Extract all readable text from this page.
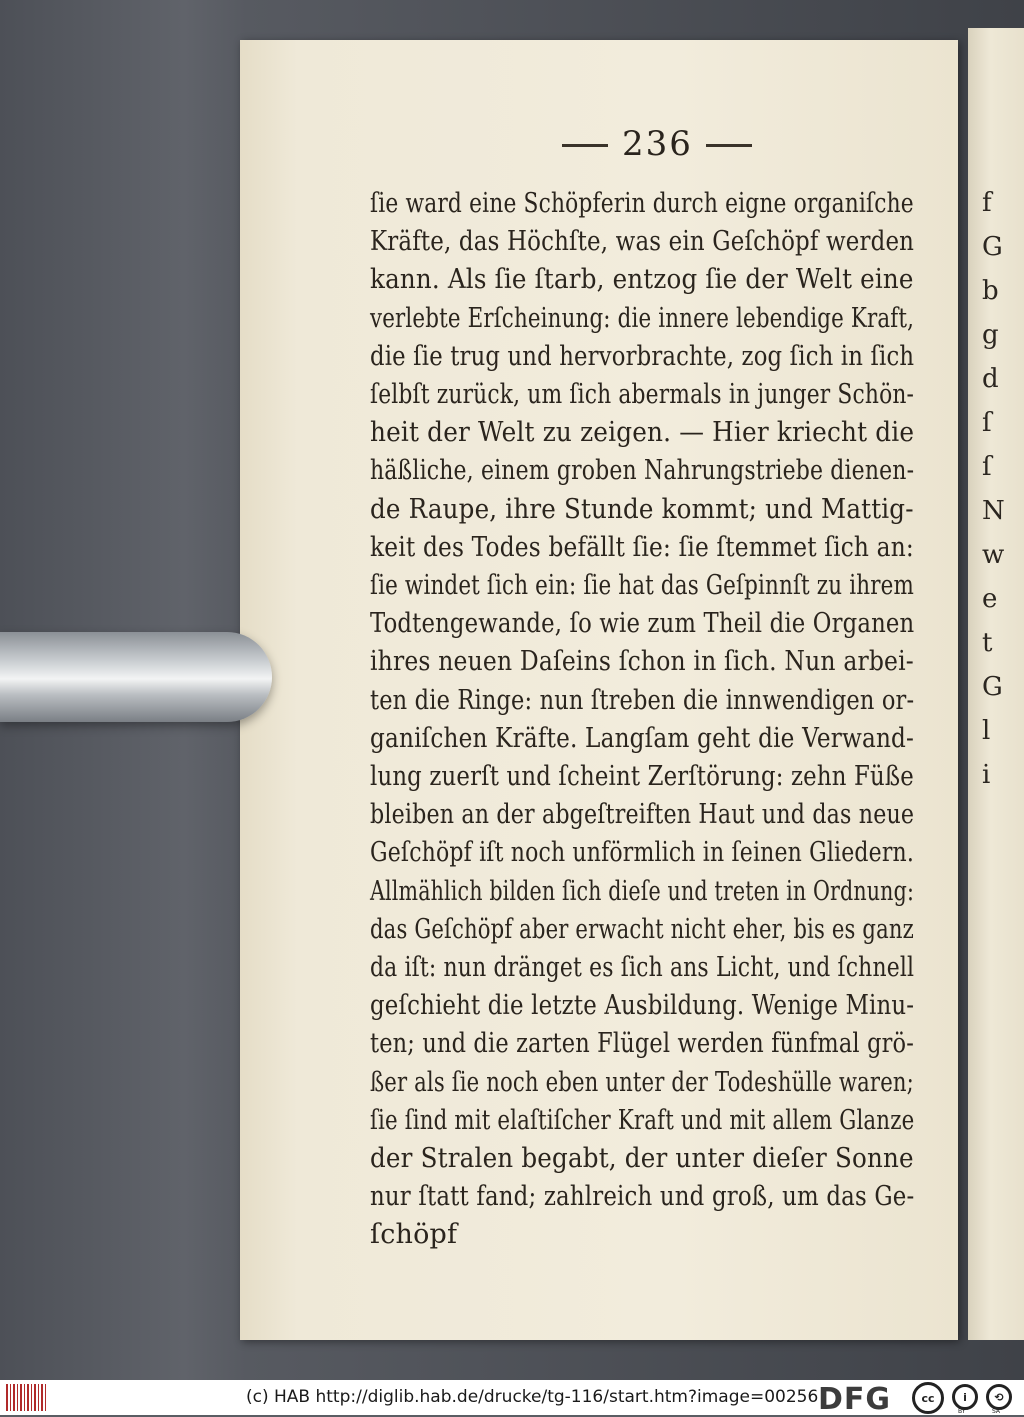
f
G
b
g
d
ſ
ſ
N
w
e
t
G
l
i
236
ſie ward eine Schöpferin durch eigne organiſche
Kräfte, das Höchſte, was ein Geſchöpf werden
kann. Als ſie ſtarb, entzog ſie der Welt eine
verlebte Erſcheinung: die innere lebendige Kraft,
die ſie trug und hervorbrachte, zog ſich in ſich
ſelbſt zurück, um ſich abermals in junger Schön-
heit der Welt zu zeigen. — Hier kriecht die
häßliche, einem groben Nahrungstriebe dienen-
de Raupe, ihre Stunde kommt; und Mattig-
keit des Todes befällt ſie: ſie ſtemmet ſich an:
ſie windet ſich ein: ſie hat das Geſpinnſt zu ihrem
Todtengewande, ſo wie zum Theil die Organen
ihres neuen Daſeins ſchon in ſich. Nun arbei-
ten die Ringe: nun ſtreben die innwendigen or-
ganiſchen Kräfte. Langſam geht die Verwand-
lung zuerſt und ſcheint Zerſtörung: zehn Füße
bleiben an der abgeſtreiften Haut und das neue
Geſchöpf iſt noch unförmlich in ſeinen Gliedern.
Allmählich bilden ſich dieſe und treten in Ordnung:
das Geſchöpf aber erwacht nicht eher, bis es ganz
da iſt: nun dränget es ſich ans Licht, und ſchnell
geſchieht die letzte Ausbildung. Wenige Minu-
ten; und die zarten Flügel werden fünfmal grö-
ßer als ſie noch eben unter der Todeshülle waren;
ſie ſind mit elaſtiſcher Kraft und mit allem Glanze
der Stralen begabt, der unter dieſer Sonne
nur ſtatt fand; zahlreich und groß, um das Ge-
ſchöpf
(c) HAB http://diglib.hab.de/drucke/tg-116/start.htm?image=00256 DFG	cc	i	⟲
BY	SA
